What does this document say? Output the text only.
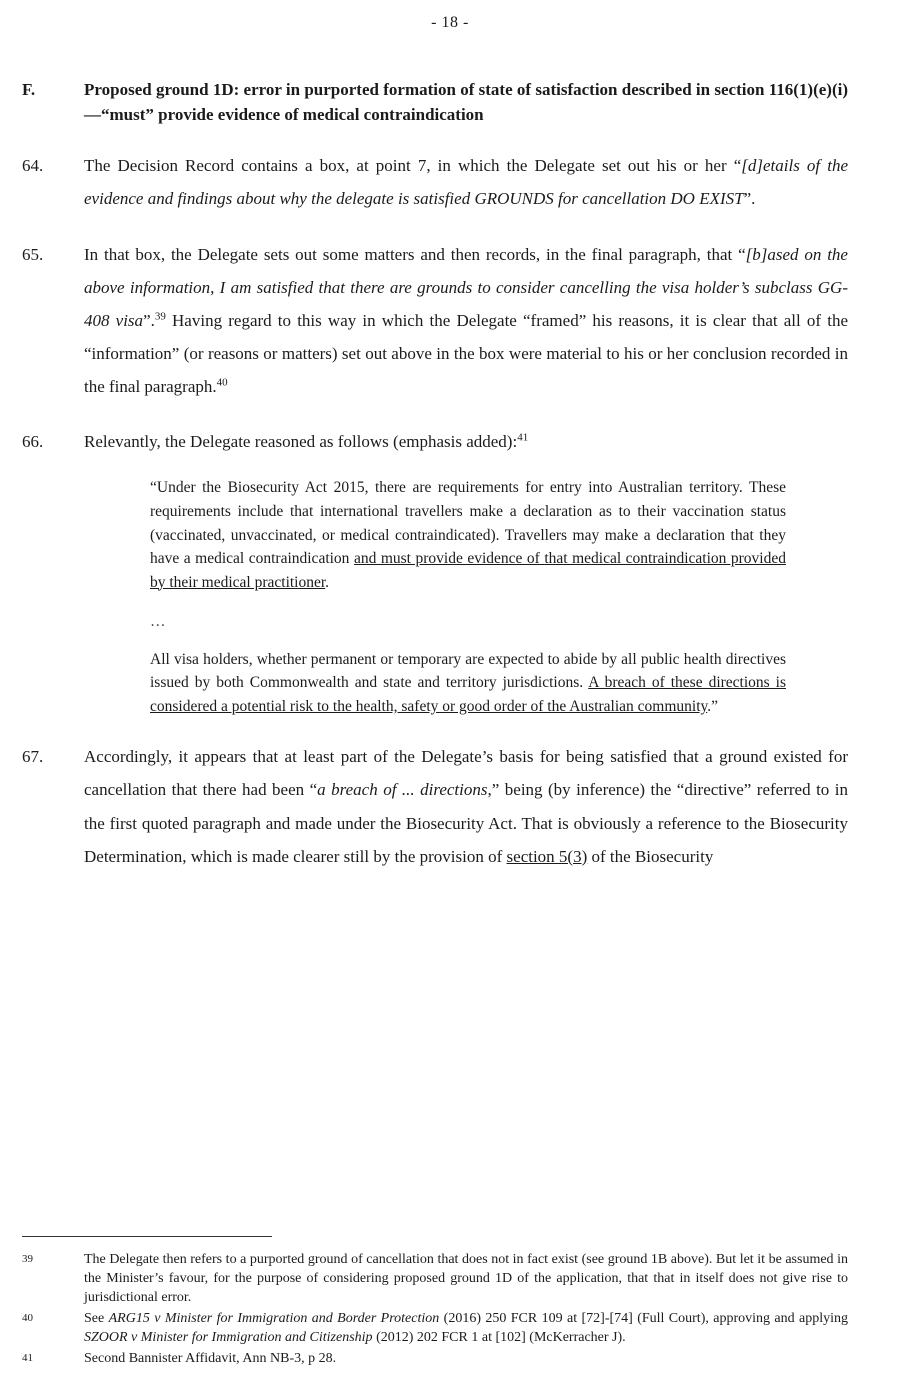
- 18 -
F.	Proposed ground 1D: error in purported formation of state of satisfaction described in section 116(1)(e)(i)—“must” provide evidence of medical contraindication
64.	The Decision Record contains a box, at point 7, in which the Delegate set out his or her “[d]etails of the evidence and findings about why the delegate is satisfied GROUNDS for cancellation DO EXIST”.
65.	In that box, the Delegate sets out some matters and then records, in the final paragraph, that “[b]ased on the above information, I am satisfied that there are grounds to consider cancelling the visa holder’s subclass GG-408 visa”.$^{39}$ Having regard to this way in which the Delegate “framed” his reasons, it is clear that all of the “information” (or reasons or matters) set out above in the box were material to his or her conclusion recorded in the final paragraph.$^{40}$
66.	Relevantly, the Delegate reasoned as follows (emphasis added):$^{41}$

“Under the Biosecurity Act 2015, there are requirements for entry into Australian territory. These requirements include that international travellers make a declaration as to their vaccination status (vaccinated, unvaccinated, or medical contraindicated). Travellers may make a declaration that they have a medical contraindication and must provide evidence of that medical contraindication provided by their medical practitioner.

…

All visa holders, whether permanent or temporary are expected to abide by all public health directives issued by both Commonwealth and state and territory jurisdictions. A breach of these directions is considered a potential risk to the health, safety or good order of the Australian community.”

67.	Accordingly, it appears that at least part of the Delegate’s basis for being satisfied that a ground existed for cancellation that there had been “a breach of ... directions,” being (by inference) the “directive” referred to in the first quoted paragraph and made under the Biosecurity Act. That is obviously a reference to the Biosecurity Determination, which is made clearer still by the provision of section 5(3) of the Biosecurity
39	The Delegate then refers to a purported ground of cancellation that does not in fact exist (see ground 1B above). But let it be assumed in the Minister’s favour, for the purpose of considering proposed ground 1D of the application, that that in itself does not give rise to jurisdictional error.
40	See ARG15 v Minister for Immigration and Border Protection (2016) 250 FCR 109 at [72]-[74] (Full Court), approving and applying SZOOR v Minister for Immigration and Citizenship (2012) 202 FCR 1 at [102] (McKerracher J).
41	Second Bannister Affidavit, Ann NB-3, p 28.
